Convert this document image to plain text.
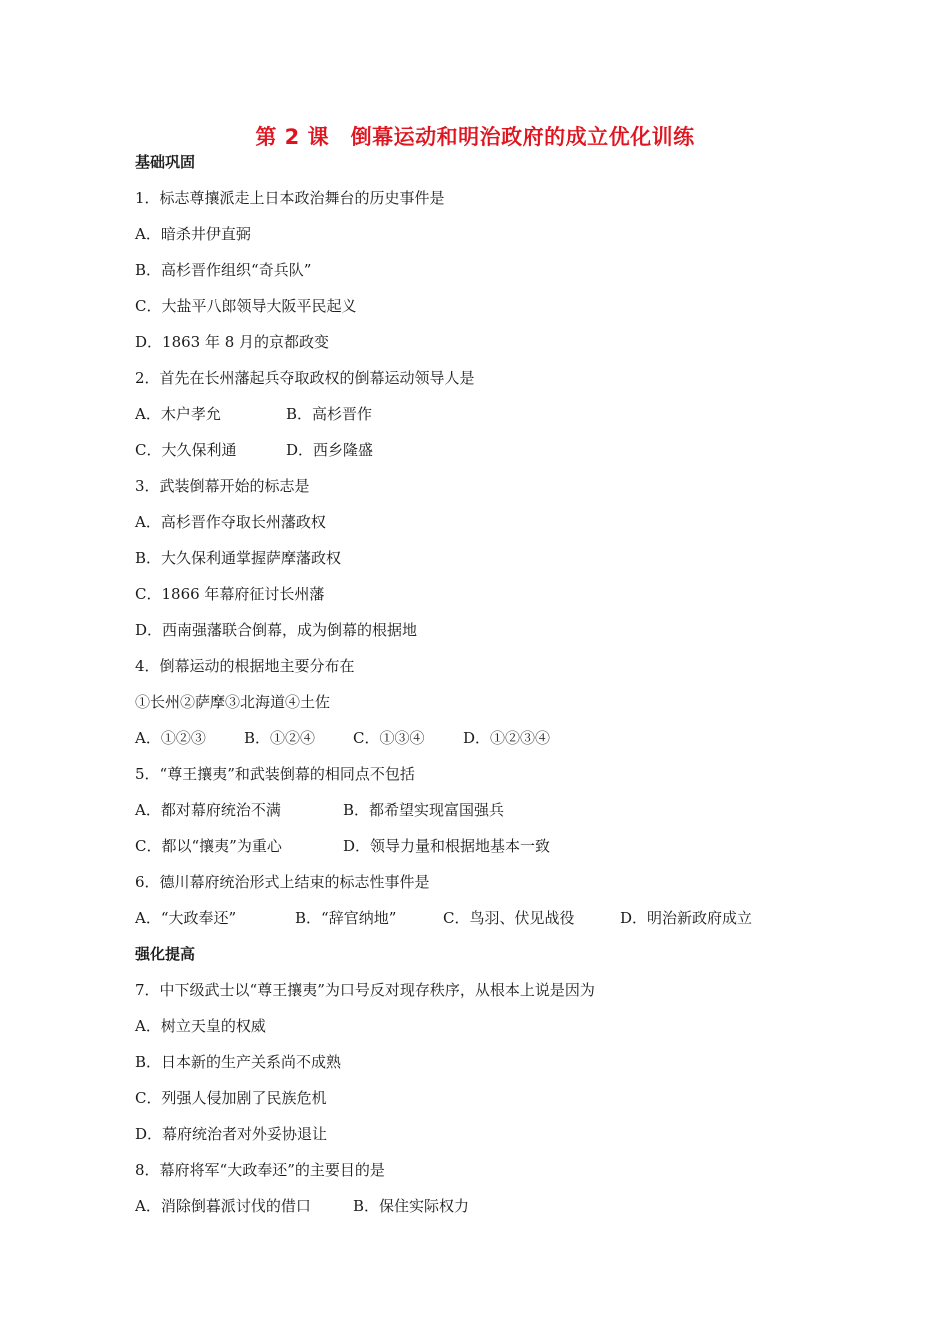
第 2 课　倒幕运动和明治政府的成立优化训练
基础巩固
1．标志尊攘派走上日本政治舞台的历史事件是
A．暗杀井伊直弼
B．高杉晋作组织“奇兵队”
C．大盐平八郎领导大阪平民起义
D．1863 年 8 月的京都政变
2．首先在长州藩起兵夺取政权的倒幕运动领导人是
A．木户孝允	B．高杉晋作
C．大久保利通	D．西乡隆盛
3．武装倒幕开始的标志是
A．高杉晋作夺取长州藩政权
B．大久保利通掌握萨摩藩政权
C．1866 年幕府征讨长州藩
D．西南强藩联合倒幕，成为倒幕的根据地
4．倒幕运动的根据地主要分布在
①长州②萨摩③北海道④土佐
A．①②③	B．①②④	C．①③④	D．①②③④
5．“尊王攘夷”和武装倒幕的相同点不包括
A．都对幕府统治不满	B．都希望实现富国强兵
C．都以“攘夷”为重心	D．领导力量和根据地基本一致
6．德川幕府统治形式上结束的标志性事件是
A．“大政奉还”	B．“辞官纳地”	C．鸟羽、伏见战役	D．明治新政府成立
强化提高
7．中下级武士以“尊王攘夷”为口号反对现存秩序，从根本上说是因为
A．树立天皇的权威
B．日本新的生产关系尚不成熟
C．列强人侵加剧了民族危机
D．幕府统治者对外妥协退让
8．幕府将军“大政奉还”的主要目的是
A．消除倒暮派讨伐的借口	B．保住实际权力
